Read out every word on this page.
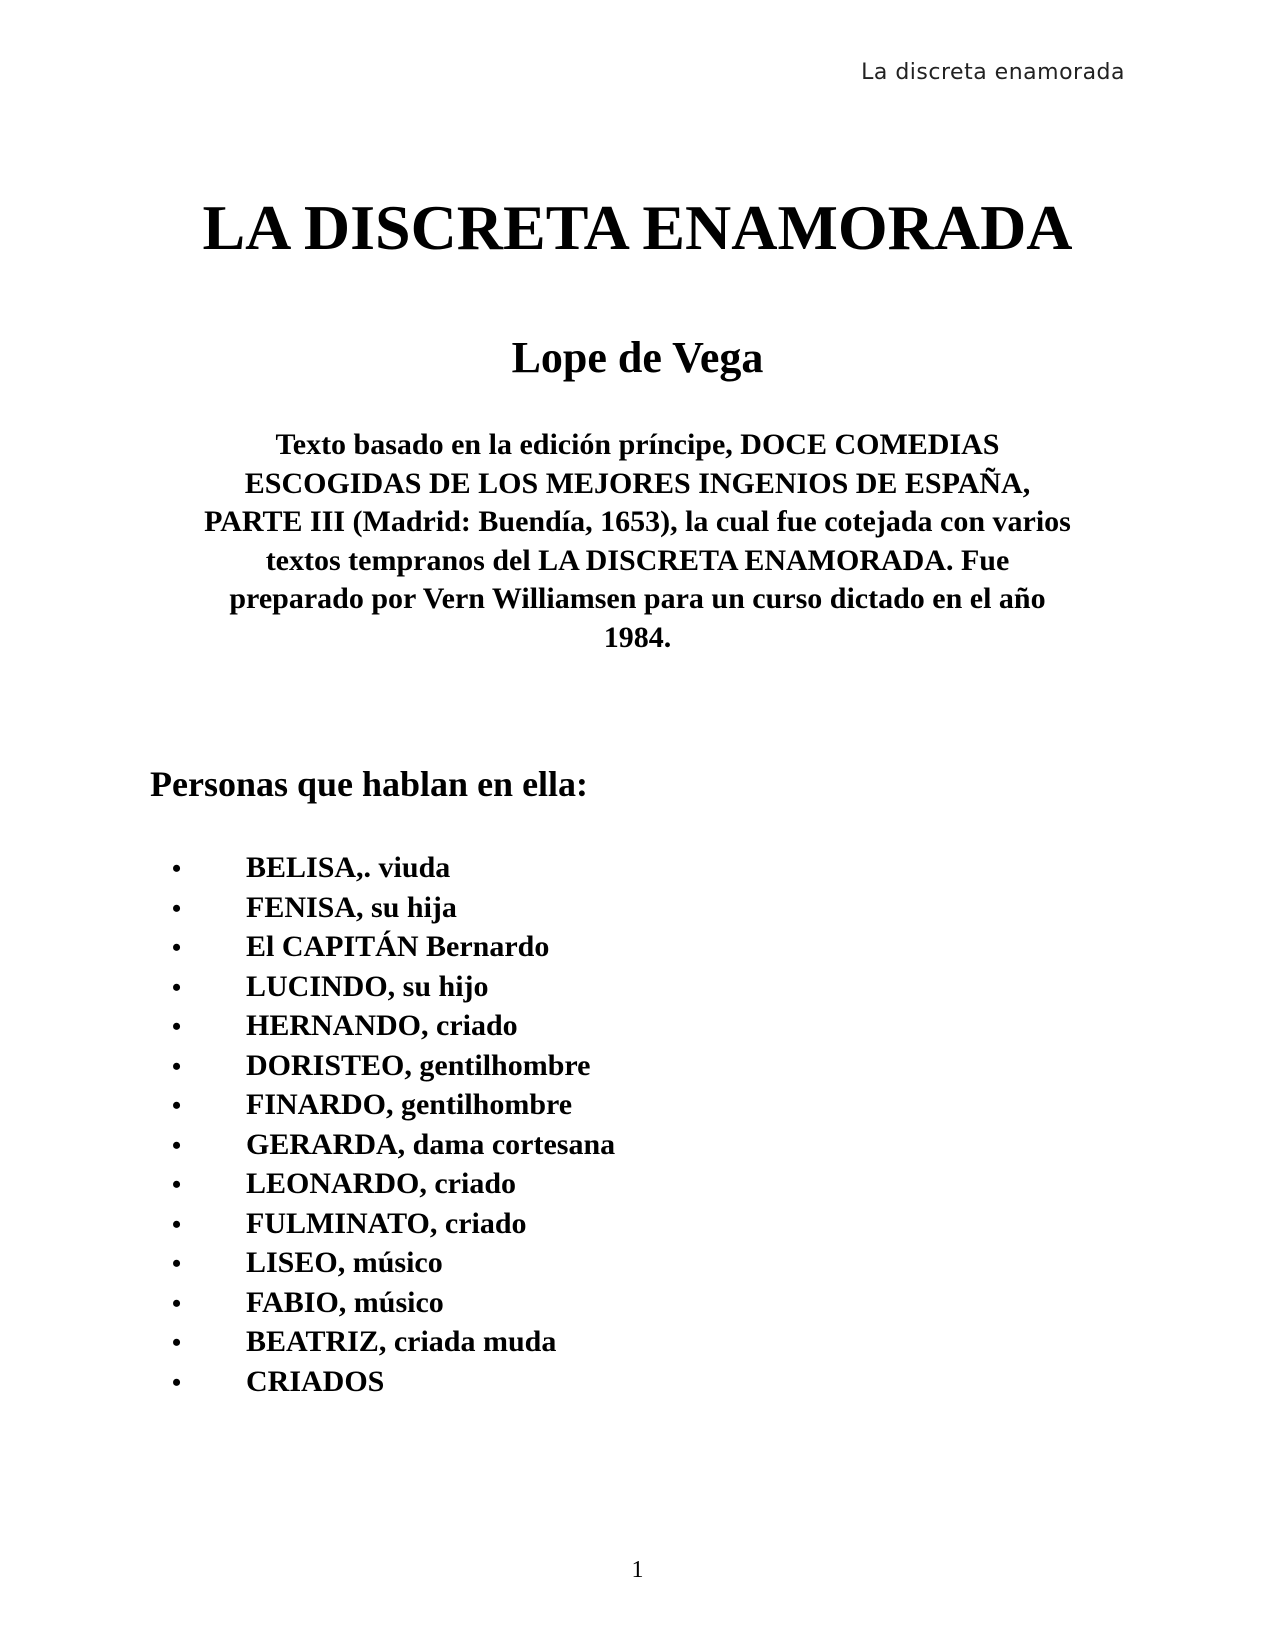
La discreta enamorada
LA DISCRETA ENAMORADA
Lope de Vega

Texto basado en la edición príncipe, DOCE COMEDIAS
ESCOGIDAS DE LOS MEJORES INGENIOS DE ESPAÑA,
PARTE III (Madrid: Buendía, 1653), la cual fue cotejada con varios
textos tempranos del LA DISCRETA ENAMORADA. Fue
preparado por Vern Williamsen para un curso dictado en el año
1984.

Personas que hablan en ella:
•	BELISA,. viuda
•	FENISA, su hija
•	El CAPITÁN Bernardo
•	LUCINDO, su hijo
•	HERNANDO, criado
•	DORISTEO, gentilhombre
•	FINARDO, gentilhombre
•	GERARDA, dama cortesana
•	LEONARDO, criado
•	FULMINATO, criado
•	LISEO, músico
•	FABIO, músico
•	BEATRIZ, criada muda
•	CRIADOS
1
